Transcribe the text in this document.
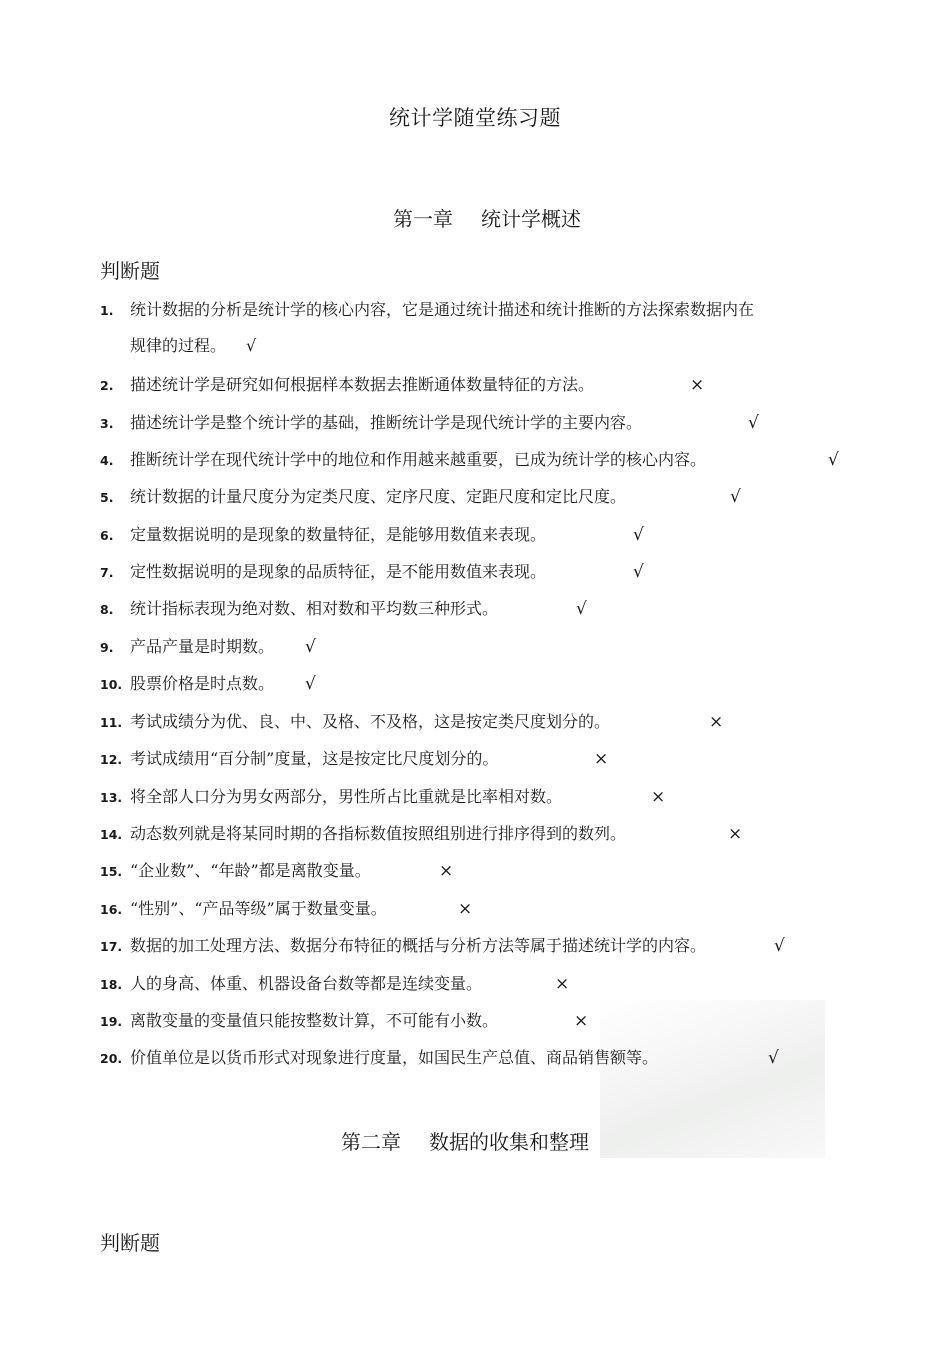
统计学随堂练习题
第一章 统计学概述
判断题
1. 统计数据的分析是统计学的核心内容，它是通过统计描述和统计推断的方法探索数据内在
规律的过程。 √
2. 描述统计学是研究如何根据样本数据去推断通体数量特征的方法。	×
3. 描述统计学是整个统计学的基础，推断统计学是现代统计学的主要内容。	√
4. 推断统计学在现代统计学中的地位和作用越来越重要，已成为统计学的核心内容。	√
5. 统计数据的计量尺度分为定类尺度、定序尺度、定距尺度和定比尺度。	√
6. 定量数据说明的是现象的数量特征，是能够用数值来表现。	√
7. 定性数据说明的是现象的品质特征，是不能用数值来表现。	√
8. 统计指标表现为绝对数、相对数和平均数三种形式。	√
9. 产品产量是时期数。	√
10. 股票价格是时点数。	√
11. 考试成绩分为优、良、中、及格、不及格，这是按定类尺度划分的。	×
12. 考试成绩用“百分制”度量，这是按定比尺度划分的。	×
13. 将全部人口分为男女两部分，男性所占比重就是比率相对数。	×
14. 动态数列就是将某同时期的各指标数值按照组别进行排序得到的数列。	×
15. “企业数”、“年龄”都是离散变量。	×
16. “性别”、“产品等级”属于数量变量。	×
17. 数据的加工处理方法、数据分布特征的概括与分析方法等属于描述统计学的内容。	√
18. 人的身高、体重、机器设备台数等都是连续变量。	×
19. 离散变量的变量值只能按整数计算，不可能有小数。	×
20. 价值单位是以货币形式对现象进行度量，如国民生产总值、商品销售额等。	√
第二章 数据的收集和整理
判断题
